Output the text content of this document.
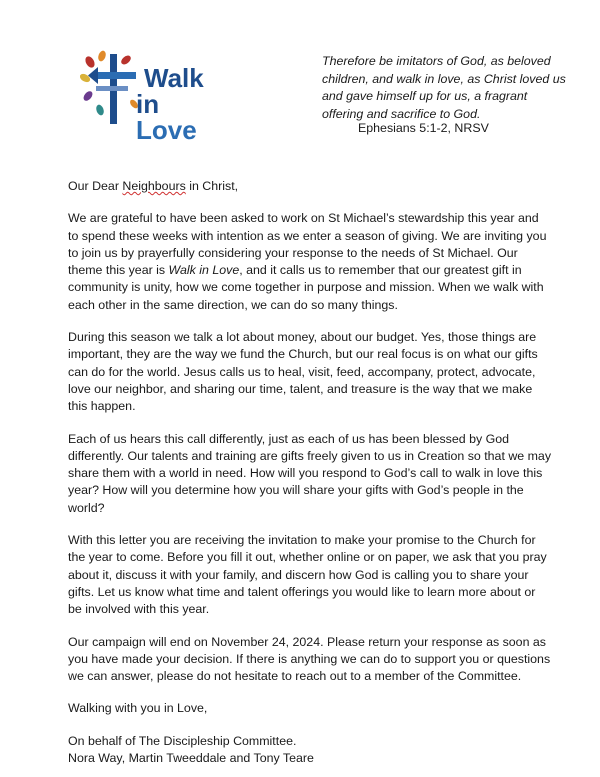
Walk
in Love
Therefore be imitators of God, as beloved children, and walk in love, as Christ loved us and gave himself up for us, a fragrant offering and sacrifice to God.
Ephesians 5:1-2, NRSV

Our Dear Neighbours in Christ,

We are grateful to have been asked to work on St Michael’s stewardship this year and to spend these weeks with intention as we enter a season of giving. We are inviting you to join us by prayerfully considering your response to the needs of St Michael. Our theme this year is Walk in Love, and it calls us to remember that our greatest gift in community is unity, how we come together in purpose and mission. When we walk with each other in the same direction, we can do so many things.

During this season we talk a lot about money, about our budget. Yes, those things are important, they are the way we fund the Church, but our real focus is on what our gifts can do for the world. Jesus calls us to heal, visit, feed, accompany, protect, advocate, love our neighbor, and sharing our time, talent, and treasure is the way that we make this happen.

Each of us hears this call differently, just as each of us has been blessed by God differently. Our talents and training are gifts freely given to us in Creation so that we may share them with a world in need. How will you respond to God’s call to walk in love this year? How will you determine how you will share your gifts with God’s people in the world?

With this letter you are receiving the invitation to make your promise to the Church for the year to come. Before you fill it out, whether online or on paper, we ask that you pray about it, discuss it with your family, and discern how God is calling you to share your gifts. Let us know what time and talent offerings you would like to learn more about or be involved with this year.

Our campaign will end on November 24, 2024. Please return your response as soon as you have made your decision. If there is anything we can do to support you or questions we can answer, please do not hesitate to reach out to a member of the Committee.

Walking with you in Love,

On behalf of The Discipleship Committee.

Nora Way, Martin Tweeddale and Tony Teare
